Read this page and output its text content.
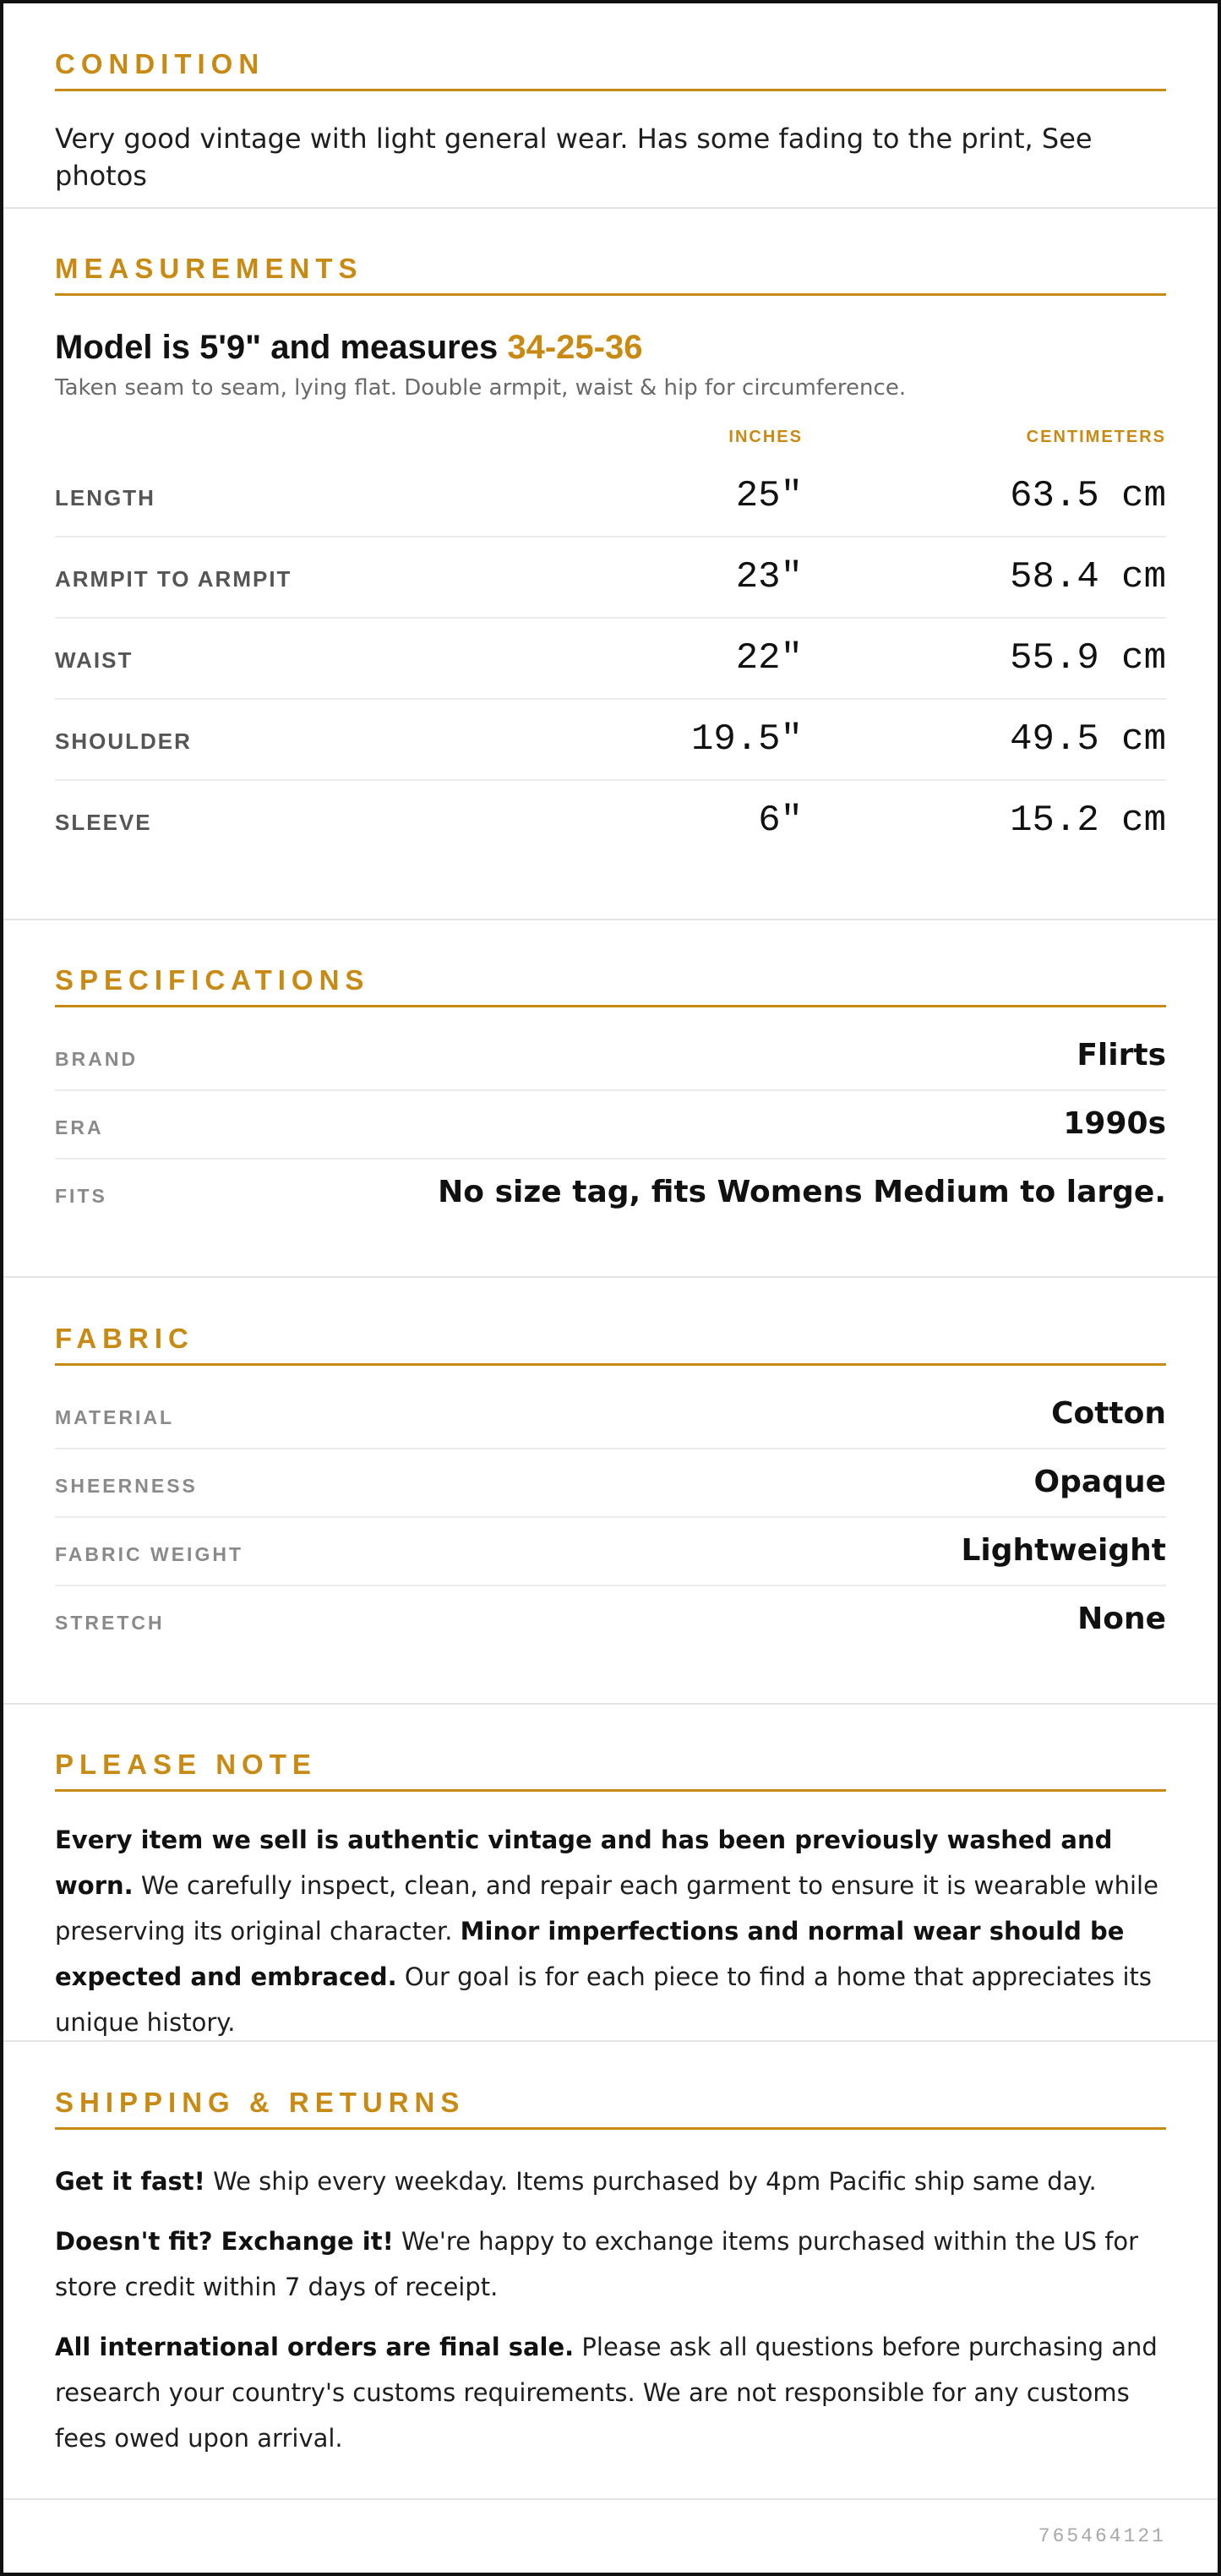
CONDITION
Very good vintage with light general wear. Has some fading to the print, See photos
MEASUREMENTS
Model is 5'9" and measures 34-25-36
Taken seam to seam, lying flat. Double armpit, waist & hip for circumference.
INCHES	CENTIMETERS
LENGTH	25"	63.5 cm
ARMPIT TO ARMPIT	23"	58.4 cm
WAIST	22"	55.9 cm
SHOULDER	19.5"	49.5 cm
SLEEVE	6"	15.2 cm
SPECIFICATIONS
BRAND	Flirts
ERA	1990s
FITS	No size tag, fits Womens Medium to large.
FABRIC
MATERIAL	Cotton
SHEERNESS	Opaque
FABRIC WEIGHT	Lightweight
STRETCH	None
PLEASE NOTE
Every item we sell is authentic vintage and has been previously washed and worn. We carefully inspect, clean, and repair each garment to ensure it is wearable while preserving its original character. Minor imperfections and normal wear should be expected and embraced. Our goal is for each piece to find a home that appreciates its unique history.
SHIPPING & RETURNS
Get it fast! We ship every weekday. Items purchased by 4pm Pacific ship same day.
Doesn't fit? Exchange it! We're happy to exchange items purchased within the US for store credit within 7 days of receipt.
All international orders are final sale. Please ask all questions before purchasing and research your country's customs requirements. We are not responsible for any customs fees owed upon arrival.
765464121
